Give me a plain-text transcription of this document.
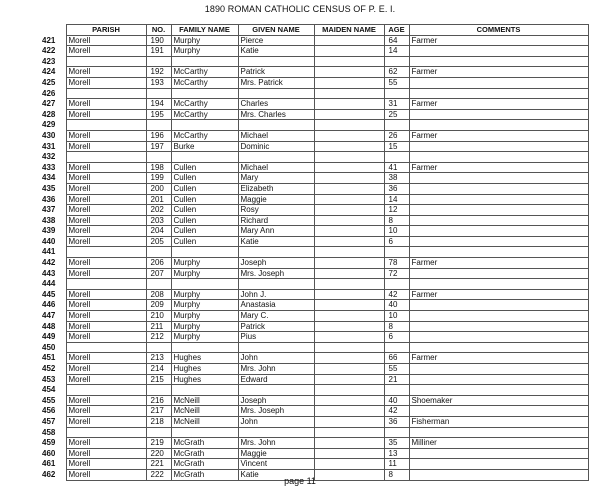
1890 ROMAN CATHOLIC CENSUS OF P. E. I.
	PARISH	NO.	FAMILY NAME	GIVEN NAME	MAIDEN NAME	AGE	COMMENTS
421	Morell	190	Murphy	Pierce		64	Farmer
422	Morell	191	Murphy	Katie		14	
423							
424	Morell	192	McCarthy	Patrick		62	Farmer
425	Morell	193	McCarthy	Mrs. Patrick		55	
426							
427	Morell	194	McCarthy	Charles		31	Farmer
428	Morell	195	McCarthy	Mrs. Charles		25	
429							
430	Morell	196	McCarthy	Michael		26	Farmer
431	Morell	197	Burke	Dominic		15	
432							
433	Morell	198	Cullen	Michael		41	Farmer
434	Morell	199	Cullen	Mary		38	
435	Morell	200	Cullen	Elizabeth		36	
436	Morell	201	Cullen	Maggie		14	
437	Morell	202	Cullen	Rosy		12	
438	Morell	203	Cullen	Richard		8	
439	Morell	204	Cullen	Mary Ann		10	
440	Morell	205	Cullen	Katie		6	
441							
442	Morell	206	Murphy	Joseph		78	Farmer
443	Morell	207	Murphy	Mrs. Joseph		72	
444							
445	Morell	208	Murphy	John J.		42	Farmer
446	Morell	209	Murphy	Anastasia		40	
447	Morell	210	Murphy	Mary C.		10	
448	Morell	211	Murphy	Patrick		8	
449	Morell	212	Murphy	Pius		6	
450							
451	Morell	213	Hughes	John		66	Farmer
452	Morell	214	Hughes	Mrs. John		55	
453	Morell	215	Hughes	Edward		21	
454							
455	Morell	216	McNeill	Joseph		40	Shoemaker
456	Morell	217	McNeill	Mrs. Joseph		42	
457	Morell	218	McNeill	John		36	Fisherman
458							
459	Morell	219	McGrath	Mrs. John		35	Milliner
460	Morell	220	McGrath	Maggie		13	
461	Morell	221	McGrath	Vincent		11	
462	Morell	222	McGrath	Katie		8	
page 11
